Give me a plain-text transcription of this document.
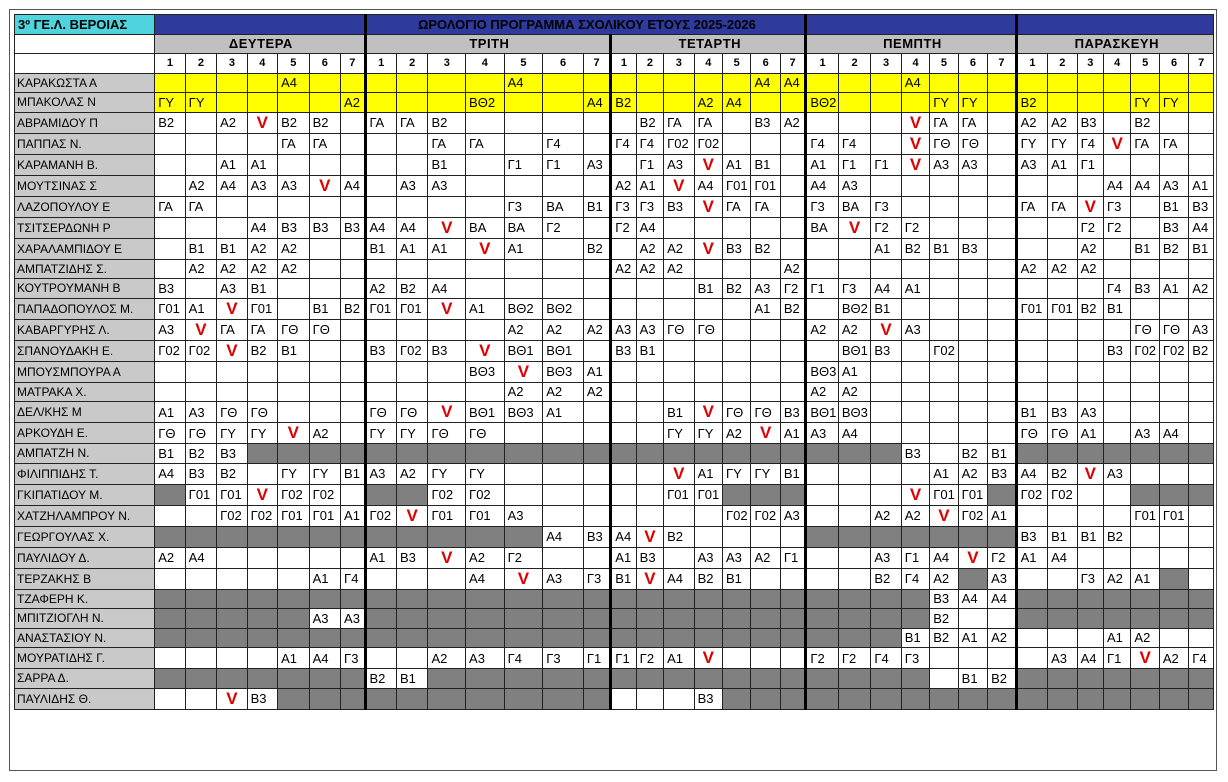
3º ΓΕ.Λ. ΒΕΡΟΙΑΣ								ΩΡΟΛΟΓΙΟ ΠΡΟΓΡΑΜΜΑ ΣΧΟΛΙΚΟΥ ΕΤΟΥΣ 2025-2026																											
	ΔΕΥΤΕΡΑ							ΤΡΙΤΗ							ΤΕΤΑΡΤΗ							ΠΕΜΠΤΗ							ΠΑΡΑΣΚΕΥΗ						
	1	2	3	4	5	6	7	1	2	3	4	5	6	7	1	2	3	4	5	6	7	1	2	3	4	5	6	7	1	2	3	4	5	6	7
ΚΑΡΑΚΩΣΤΑ Α					Α4							Α4								Α4	Α4				Α4										
ΜΠΑΚΟΛΑΣ Ν	ΓΥ	ΓΥ					Α2				ΒΘ2			Α4	Β2			Α2	Α4			ΒΘ2				ΓΥ	ΓΥ		Β2				ΓΥ	ΓΥ	
ΑΒΡΑΜΙΔΟΥ Π	Β2		Α2	V	Β2	Β2		ΓΑ	ΓΑ	Β2						Β2	ΓΑ	ΓΑ		Β3	Α2				V	ΓΑ	ΓΑ		Α2	Α2	Β3		Β2		
ΠΑΠΠΑΣ Ν.					ΓΑ	ΓΑ				ΓΑ	ΓΑ		Γ4		Γ4	Γ4	Γ02	Γ02				Γ4	Γ4		V	ΓΘ	ΓΘ		ΓΥ	ΓΥ	Γ4	V	ΓΑ	ΓΑ	
ΚΑΡΑΜΑΝΗ Β.			Α1	Α1						Β1		Γ1	Γ1	Α3		Γ1	Α3	V	Α1	Β1		Α1	Γ1	Γ1	V	Α3	Α3		Α3	Α1	Γ1				
ΜΟΥΤΣΙΝΑΣ Σ		Α2	Α4	Α3	Α3	V	Α4		Α3	Α3					Α2	Α1	V	Α4	Γ01	Γ01		Α4	Α3									Α4	Α4	Α3	Α1
ΛΑΖΟΠΟΥΛΟΥ Ε	ΓΑ	ΓΑ										Γ3	ΒΑ	Β1	Γ3	Γ3	Β3	V	ΓΑ	ΓΑ		Γ3	ΒΑ	Γ3					ΓΑ	ΓΑ	V	Γ3		Β1	Β3
ΤΣΙΤΣΕΡΔΩΝΗ Ρ				Α4	Β3	Β3	Β3	Α4	Α4	V	ΒΑ	ΒΑ	Γ2		Γ2	Α4						ΒΑ	V	Γ2	Γ2						Γ2	Γ2		Β3	Α4
ΧΑΡΑΛΑΜΠΙΔΟΥ Ε		Β1	Β1	Α2	Α2			Β1	Α1	Α1	V	Α1		Β2		Α2	Α2	V	Β3	Β2				Α1	Β2	Β1	Β3				Α2		Β1	Β2	Β1
ΑΜΠΑΤΖΙΔΗΣ Σ.		Α2	Α2	Α2	Α2										Α2	Α2	Α2				Α2								Α2	Α2	Α2				
ΚΟΥΤΡΟΥΜΑΝΗ Β	Β3		Α3	Β1				Α2	Β2	Α4								Β1	Β2	Α3	Γ2	Γ1	Γ3	Α4	Α1							Γ4	Β3	Α1	Α2
ΠΑΠΑΔΟΠΟΥΛΟΣ Μ.	Γ01	Α1	V	Γ01		Β1	Β2	Γ01	Γ01	V	Α1	ΒΘ2	ΒΘ2							Α1	Β2		ΒΘ2	Β1					Γ01	Γ01	Β2	Β1			
ΚΑΒΑΡΓΥΡΗΣ Λ.	Α3	V	ΓΑ	ΓΑ	ΓΘ	ΓΘ						Α2	Α2	Α2	Α3	Α3	ΓΘ	ΓΘ				Α2	Α2	V	Α3								ΓΘ	ΓΘ	Α3
ΣΠΑΝΟΥΔΑΚΗ Ε.	Γ02	Γ02	V	Β2	Β1			Β3	Γ02	Β3	V	ΒΘ1	ΒΘ1		Β3	Β1							ΒΘ1	Β3		Γ02						Β3	Γ02	Γ02	Β2
ΜΠΟΥΣΜΠΟΥΡΑ Α											ΒΘ3	V	ΒΘ3	Α1								ΒΘ3	Α1												
ΜΑΤΡΑΚΑ Χ.												Α2	Α2	Α2								Α2	Α2												
ΔΕΛ/ΚΗΣ Μ	Α1	Α3	ΓΘ	ΓΘ				ΓΘ	ΓΘ	V	ΒΘ1	ΒΘ3	Α1				Β1	V	ΓΘ	ΓΘ	Β3	ΒΘ1	ΒΘ3						Β1	Β3	Α3				
ΑΡΚΟΥΔΗ Ε.	ΓΘ	ΓΘ	ΓΥ	ΓΥ	V	Α2		ΓΥ	ΓΥ	ΓΘ	ΓΘ						ΓΥ	ΓΥ	Α2	V	Α1	Α3	Α4						ΓΘ	ΓΘ	Α1		Α3	Α4	
ΑΜΠΑΤΖΗ Ν.	Β1	Β2	Β3																						Β3		Β2	Β1							
ΦΙΛΙΠΠΙΔΗΣ Τ.	Α4	Β3	Β2		ΓΥ	ΓΥ	Β1	Α3	Α2	ΓΥ	ΓΥ						V	Α1	ΓΥ	ΓΥ	Β1					Α1	Α2	Β3	Α4	Β2	V	Α3			
ΓΚΙΠΑΤΙΔΟΥ Μ.		Γ01	Γ01	V	Γ02	Γ02				Γ02	Γ02						Γ01	Γ01							V	Γ01	Γ01		Γ02	Γ02					
ΧΑΤΖΗΛΑΜΠΡΟΥ Ν.			Γ02	Γ02	Γ01	Γ01	Α1	Γ02	V	Γ01	Γ01	Α3							Γ02	Γ02	Α3			Α2	Α2	V	Γ02	Α1					Γ01	Γ01	
ΓΕΩΡΓΟΥΛΑΣ Χ.													Α4	Β3	Α4	V	Β2												Β3	Β1	Β1	Β2			
ΠΑΥΛΙΔΟΥ Δ.	Α2	Α4						Α1	Β3	V	Α2	Γ2			Α1	Β3		Α3	Α3	Α2	Γ1			Α3	Γ1	Α4	V	Γ2	Α1	Α4					
ΤΕΡΖΑΚΗΣ Β						Α1	Γ4				Α4	V	Α3	Γ3	Β1	V	Α4	Β2	Β1					Β2	Γ4	Α2		Α3			Γ3	Α2	Α1		
ΤΖΑΦΕΡΗ Κ.																										Β3	Α4	Α4							
ΜΠΙΤΖΙΟΓΛΗ Ν.						Α3	Α3																			Β2									
ΑΝΑΣΤΑΣΙΟΥ Ν.																									Β1	Β2	Α1	Α2				Α1	Α2		
ΜΟΥΡΑΤΙΔΗΣ Γ.					Α1	Α4	Γ3			Α2	Α3	Γ4	Γ3	Γ1	Γ1	Γ2	Α1	V				Γ2	Γ2	Γ4	Γ3					Α3	Α4	Γ1	V	Α2	Γ4
ΣΑΡΡΑ Δ.								Β2	Β1																		Β1	Β2							
ΠΑΥΛΙΔΗΣ Θ.			V	Β3														Β3																	
